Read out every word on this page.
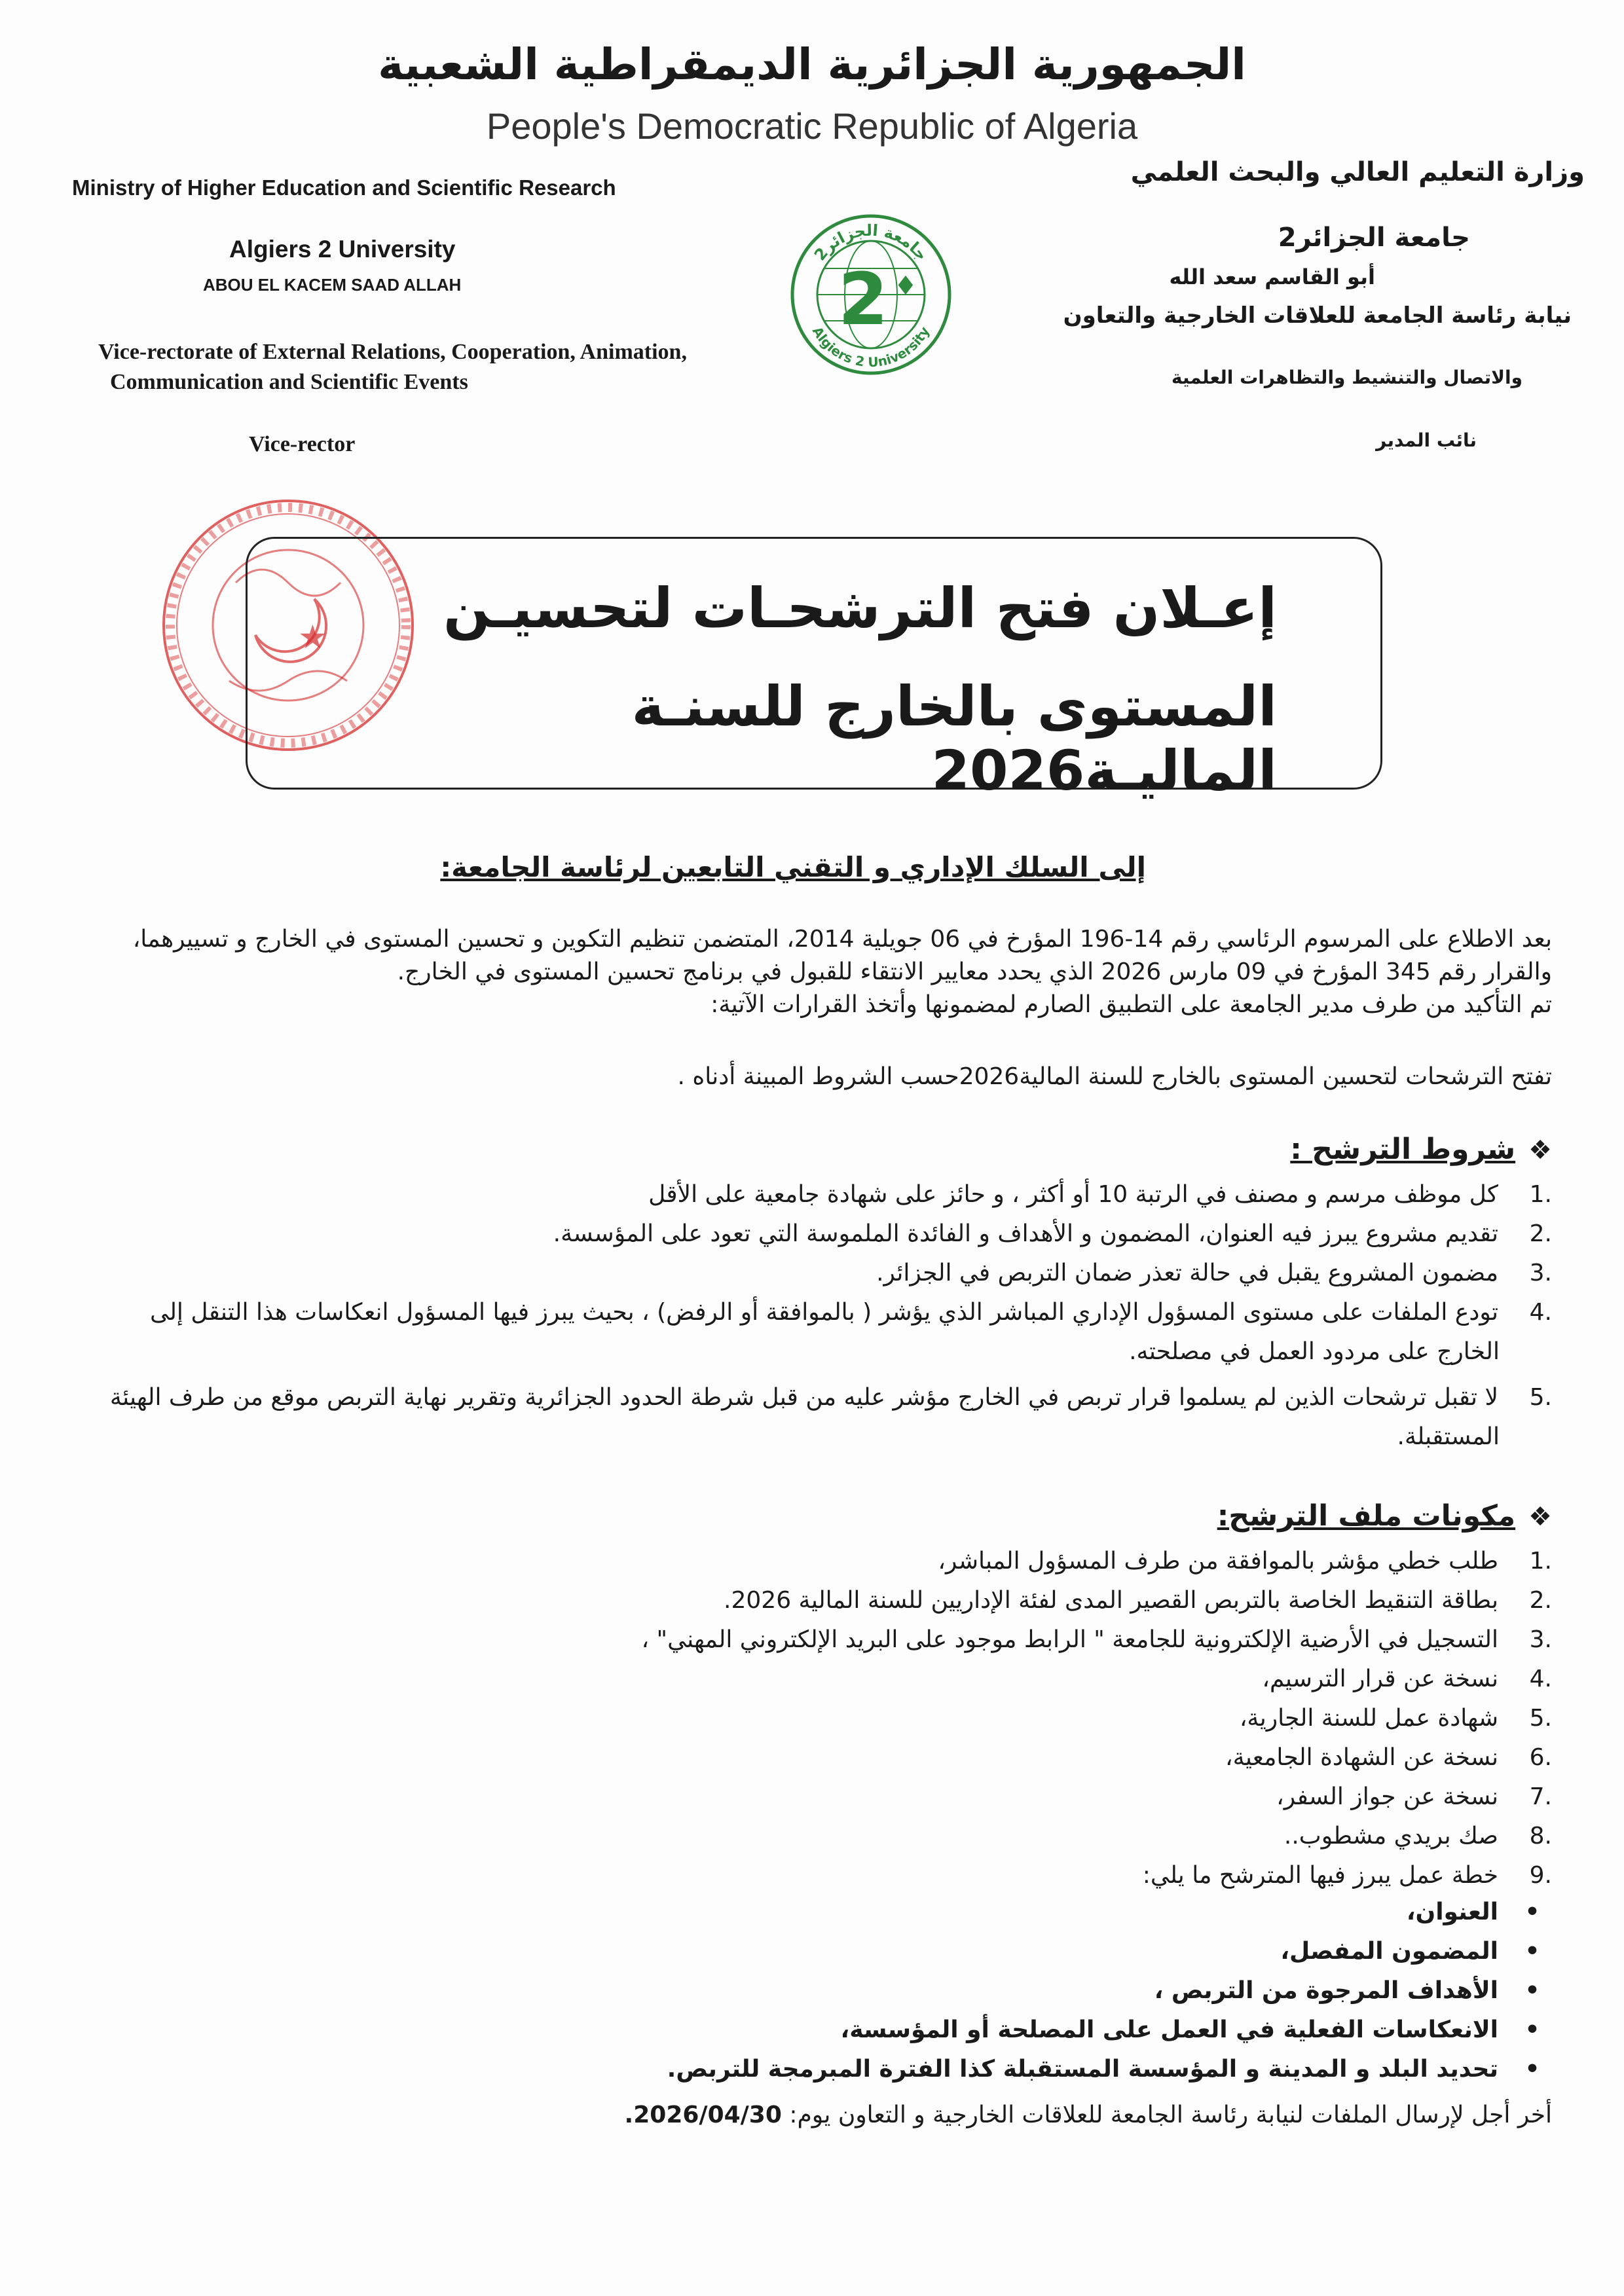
الجمهورية الجزائرية الديمقراطية الشعبية
People's Democratic Republic of Algeria
وزارة التعليم العالي والبحث العلمي
Ministry of Higher Education and Scientific Research
Algiers 2 University
ABOU EL KACEM SAAD ALLAH
Vice-rectorate of External Relations, Cooperation, Animation,
Communication and Scientific Events
Vice-rector
جامعة الجزائر2
أبو القاسم سعد الله
نيابة رئاسة الجامعة للعلاقات الخارجية والتعاون
والاتصال والتنشيط والتظاهرات العلمية
نائب المدير
2 ♦
جامعة الجزائر2
Algiers 2 University
★	إعـلان فتح الترشحـات لتحسيـن
المستوى بالخارج للسنـة الماليـة2026
إلى السلك الإداري و التقني التابعين لرئاسة الجامعة:
بعد الاطلاع على المرسوم الرئاسي رقم 14-196 المؤرخ في 06 جويلية 2014، المتضمن تنظيم التكوين و تحسين المستوى في الخارج و تسييرهما،
والقرار رقم 345 المؤرخ في 09 مارس 2026 الذي يحدد معايير الانتقاء للقبول في برنامج تحسين المستوى في الخارج.
تم التأكيد من طرف مدير الجامعة على التطبيق الصارم لمضمونها وأتخذ القرارات الآتية:
تفتح الترشحات لتحسين المستوى بالخارج للسنة المالية2026حسب الشروط المبينة أدناه .
❖شروط الترشح :
.1كل موظف مرسم و مصنف في الرتبة 10 أو أكثر ، و حائز على شهادة جامعية على الأقل
.2تقديم مشروع يبرز فيه العنوان، المضمون و الأهداف و الفائدة الملموسة التي تعود على المؤسسة.
.3مضمون المشروع يقبل في حالة تعذر ضمان التربص في الجزائر.
.4تودع الملفات على مستوى المسؤول الإداري المباشر الذي يؤشر ( بالموافقة أو الرفض) ، بحيث يبرز فيها المسؤول انعكاسات هذا التنقل إلى
الخارج على مردود العمل في مصلحته.
.5لا تقبل ترشحات الذين لم يسلموا قرار تربص في الخارج مؤشر عليه من قبل شرطة الحدود الجزائرية وتقرير نهاية التربص موقع من طرف الهيئة
المستقبلة.
❖مكونات ملف الترشح:
.1طلب خطي مؤشر بالموافقة من طرف المسؤول المباشر،
.2بطاقة التنقيط الخاصة بالتربص القصير المدى لفئة الإداريين للسنة المالية 2026.
.3التسجيل في الأرضية الإلكترونية للجامعة " الرابط موجود على البريد الإلكتروني المهني" ،
.4نسخة عن قرار الترسيم،
.5شهادة عمل للسنة الجارية،
.6نسخة عن الشهادة الجامعية،
.7نسخة عن جواز السفر،
.8صك بريدي مشطوب..
.9خطة عمل يبرز فيها المترشح ما يلي:
•العنوان،
•المضمون المفصل،
•الأهداف المرجوة من التربص ،
•الانعكاسات الفعلية في العمل على المصلحة أو المؤسسة،
•تحديد البلد و المدينة و المؤسسة المستقبلة كذا الفترة المبرمجة للتربص.
أخر أجل لإرسال الملفات لنيابة رئاسة الجامعة للعلاقات الخارجية و التعاون يوم: 2026/04/30.
